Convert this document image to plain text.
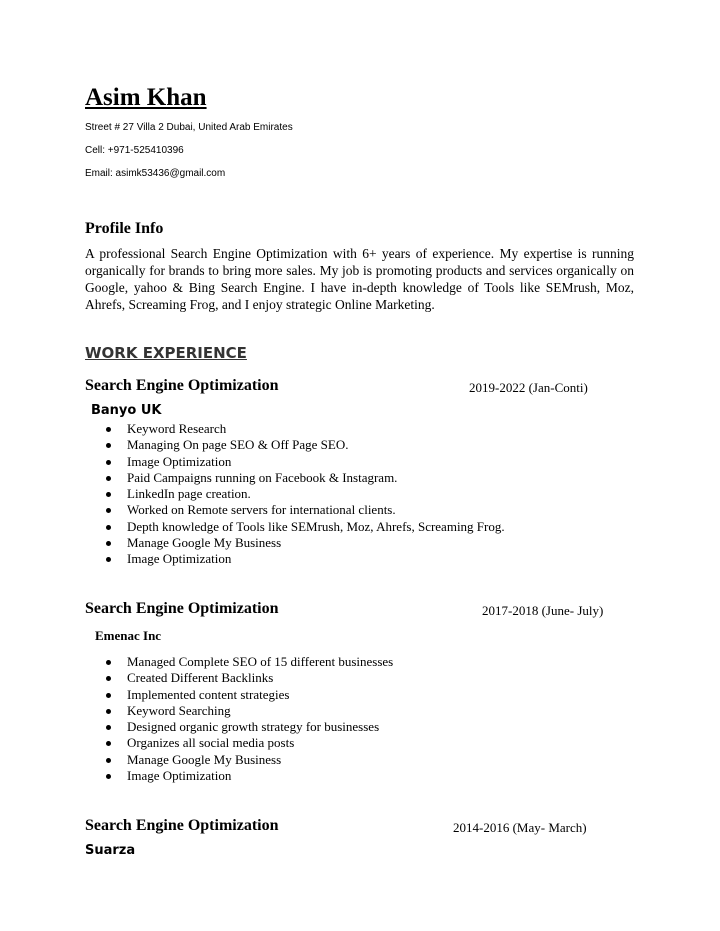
Asim Khan
Street # 27 Villa 2 Dubai, United Arab Emirates
Cell: +971-525410396
Email: asimk53436@gmail.com
Profile Info
A professional Search Engine Optimization with 6+ years of experience. My expertise is running organically for brands to bring more sales. My job is promoting products and services organically on Google, yahoo & Bing Search Engine. I have in-depth knowledge of Tools like SEMrush, Moz, Ahrefs, Screaming Frog, and I enjoy strategic Online Marketing.
WORK EXPERIENCE
Search Engine Optimization	2019-2022 (Jan-Conti)
Banyo UK
Keyword Research
Managing On page SEO & Off Page SEO.
Image Optimization
Paid Campaigns running on Facebook & Instagram.
LinkedIn page creation.
Worked on Remote servers for international clients.
Depth knowledge of Tools like SEMrush, Moz, Ahrefs, Screaming Frog.
Manage Google My Business
Image Optimization
Search Engine Optimization	2017-2018 (June- July)
Emenac Inc
Managed Complete SEO of 15 different businesses
Created Different Backlinks
Implemented content strategies
Keyword Searching
Designed organic growth strategy for businesses
Organizes all social media posts
Manage Google My Business
Image Optimization
Search Engine Optimization	2014-2016 (May- March)
Suarza
